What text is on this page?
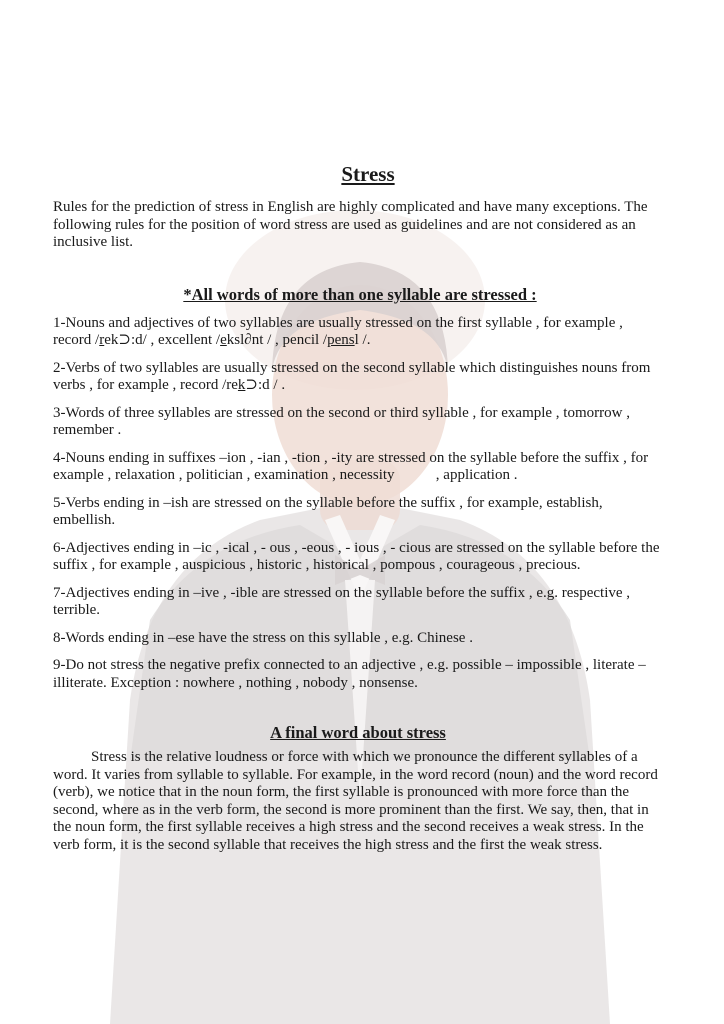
Stress

Rules for the prediction of stress in English are highly complicated and have many exceptions. The following rules for the position of word stress are used as guidelines and are not considered as an inclusive list.

*All words of more than one syllable are stressed :

1-Nouns and adjectives of two syllables are usually stressed on the first syllable , for example , record /rek⊃:d/ , excellent /eksl∂nt / , pencil /pensl /.

2-Verbs of two syllables are usually stressed on the second syllable which distinguishes nouns from verbs , for example , record /rek⊃:d / .

3-Words of three syllables are stressed on the second or third syllable , for example , tomorrow , remember .

4-Nouns ending in suffixes –ion , -ian , -tion , -ity are stressed on the syllable before the suffix , for example , relaxation , politician , examination , necessity           , application .

5-Verbs ending in –ish are stressed on the syllable before the suffix , for example, establish, embellish.

6-Adjectives ending in –ic , -ical , - ous , -eous , - ious , - cious are stressed on the syllable before the suffix , for example , auspicious , historic , historical , pompous , courageous , precious.

7-Adjectives ending in –ive , -ible are stressed on the syllable before the suffix , e.g. respective , terrible.

8-Words ending in –ese have the stress on this syllable , e.g. Chinese .

9-Do not stress the negative prefix connected to an adjective , e.g. possible – impossible , literate – illiterate. Exception : nowhere , nothing , nobody , nonsense.

A final word about stress

Stress is the relative loudness or force with which we pronounce the different syllables of a word. It varies from syllable to syllable. For example, in the word record (noun) and the word record (verb), we notice that in the noun form, the first syllable is pronounced with more force than the second, where as in the verb form, the second is more prominent than the first. We say, then, that in the noun form, the first syllable receives a high stress and the second receives a weak stress. In the verb form, it is the second syllable that receives the high stress and the first the weak stress.
